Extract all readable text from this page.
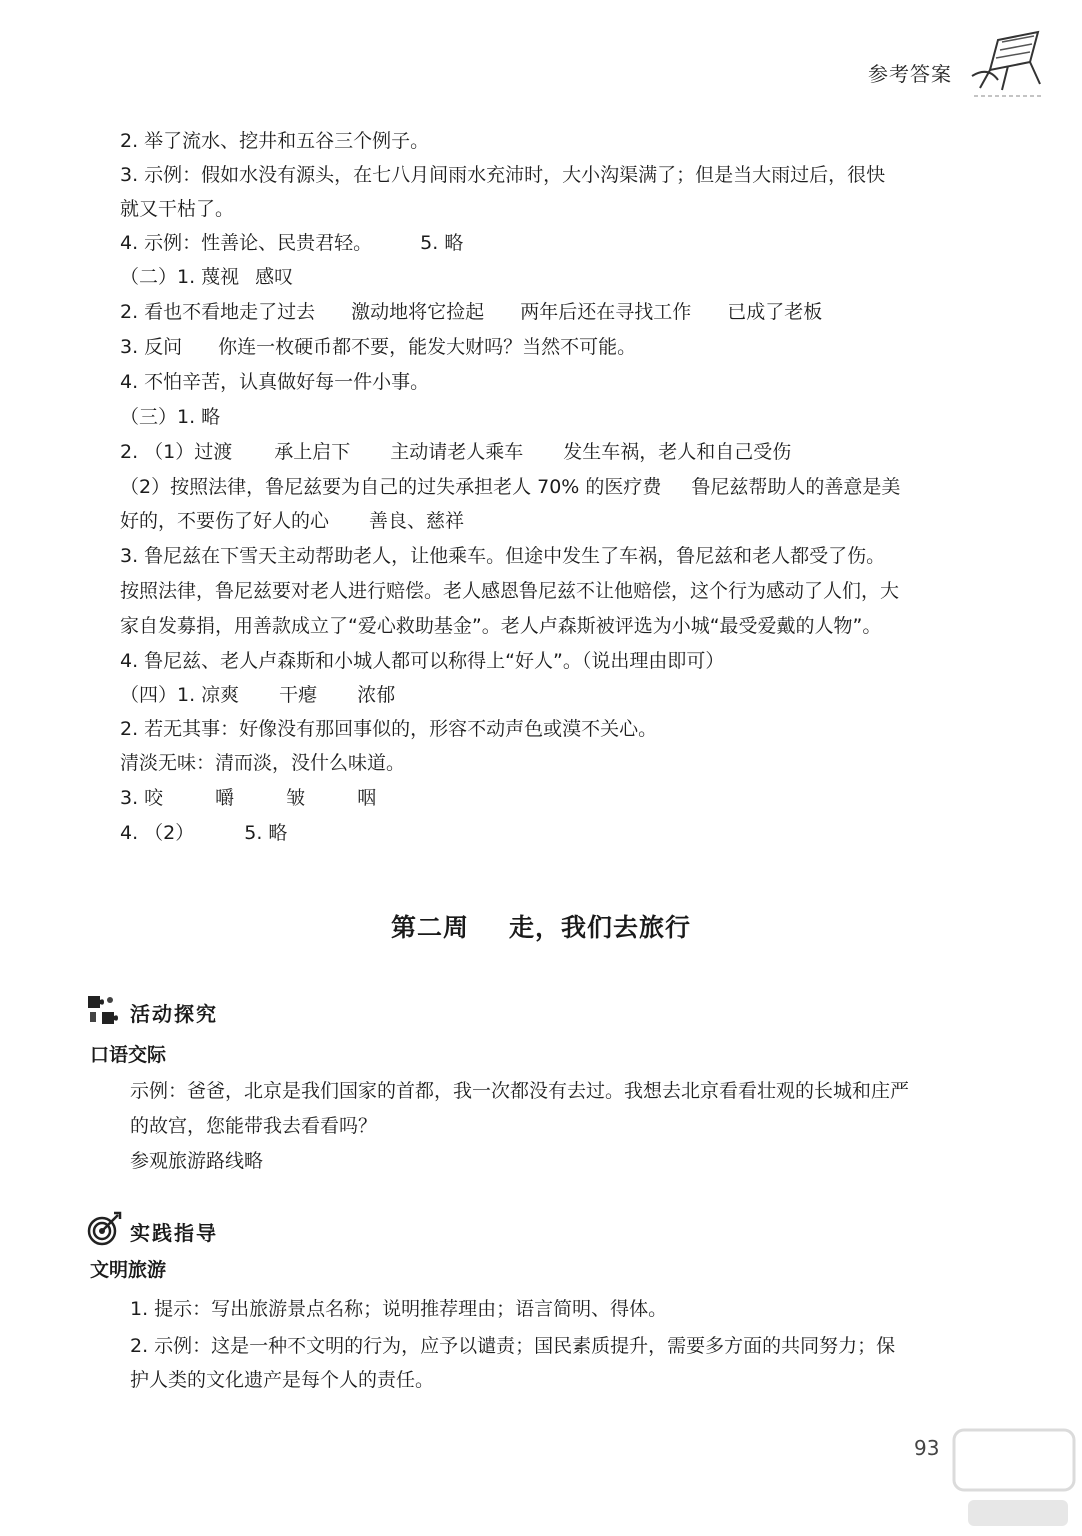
参考答案
2. 举了流水、挖井和五谷三个例子。
3. 示例：假如水没有源头，在七八月间雨水充沛时，大小沟渠满了；但是当大雨过后，很快
就又干枯了。
4. 示例：性善论、民贵君轻。	5. 略
（二）1. 蔑视 感叹
2. 看也不看地走了过去 激动地将它捡起 两年后还在寻找工作 已成了老板
3. 反问 你连一枚硬币都不要，能发大财吗？当然不可能。
4. 不怕辛苦，认真做好每一件小事。
（三）1. 略
2. （1）过渡 承上启下 主动请老人乘车 发生车祸，老人和自己受伤
（2）按照法律，鲁尼兹要为自己的过失承担老人 70% 的医疗费 鲁尼兹帮助人的善意是美
好的，不要伤了好人的心 善良、慈祥
3. 鲁尼兹在下雪天主动帮助老人，让他乘车。但途中发生了车祸，鲁尼兹和老人都受了伤。
按照法律，鲁尼兹要对老人进行赔偿。老人感恩鲁尼兹不让他赔偿，这个行为感动了人们，大
家自发募捐，用善款成立了“爱心救助基金”。老人卢森斯被评选为小城“最受爱戴的人物”。
4. 鲁尼兹、老人卢森斯和小城人都可以称得上“好人”。（说出理由即可）
（四）1. 凉爽 干瘪 浓郁
2. 若无其事：好像没有那回事似的，形容不动声色或漠不关心。
清淡无味：清而淡，没什么味道。
3. 咬	嚼	皱	咽
4. （2）	5. 略
第二周 走，我们去旅行
活动探究
口语交际
示例：爸爸，北京是我们国家的首都，我一次都没有去过。我想去北京看看壮观的长城和庄严
的故宫，您能带我去看看吗？
参观旅游路线略
实践指导
文明旅游
1. 提示：写出旅游景点名称；说明推荐理由；语言简明、得体。
2. 示例：这是一种不文明的行为，应予以谴责；国民素质提升，需要多方面的共同努力；保
护人类的文化遗产是每个人的责任。
93
